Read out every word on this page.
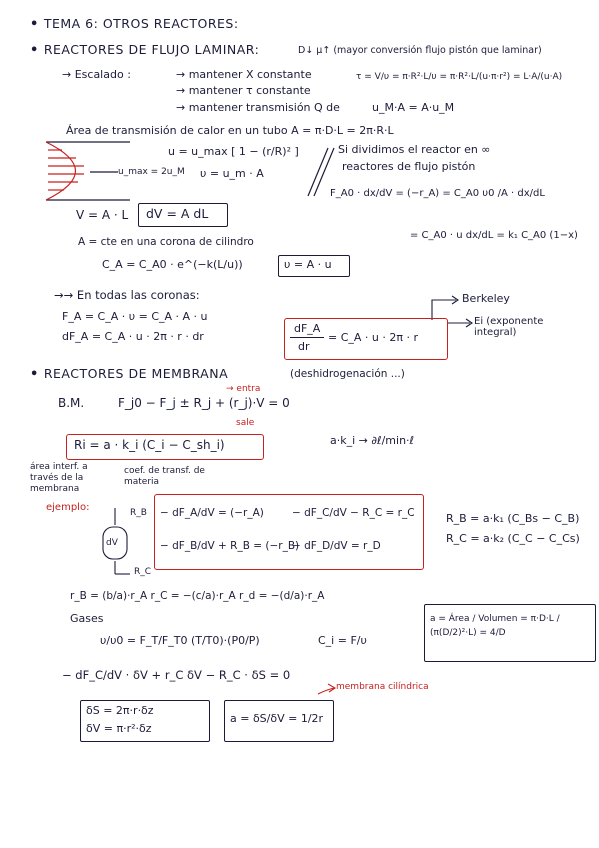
• TEMA 6: OTROS REACTORES:
• REACTORES DE FLUJO LAMINAR:	D↓ μ↑ (mayor conversión flujo pistón que laminar)
→ Escalado :	→ mantener X constante
→ mantener τ constante
→ mantener transmisión Q de
τ = V/υ = π·R²·L/υ = π·R²·L/(u·π·r²) = L·A/(u·A)
u_M·A = A·u_M
Área de transmisión de calor en un tubo A = π·D·L = 2π·R·L
u = u_max [ 1 − (r/R)² ]
u_max = 2u_M υ = u_m · A
Si dividimos el reactor en ∞
reactores de flujo pistón
F_A0 · dx/dV = (−r_A) = C_A0 υ0 /A · dx/dL
= C_A0 · u dx/dL = k₁ C_A0 (1−x)
V = A · L dV = A dL
A = cte en una corona de cilindro
C_A = C_A0 · e^(−k(L/u))	υ = A · u
→→ En todas las coronas:
F_A = C_A · υ = C_A · A · u
dF_A = C_A · u · 2π · r · dr
dF_A
dr
= C_A · u · 2π · r
Berkeley
Ei (exponente integral)
• REACTORES DE MEMBRANA	(deshidrogenación ...)
→ entra
B.M.	F_j0 − F_j ± R_j + (r_j)·V = 0
sale
Ri = a · k_i (C_i − C_sh_i)	a·k_i → ∂ℓ/min·ℓ
área interf. a través de la membrana
coef. de transf. de materia
ejemplo:	R_B
dV
R_C
− dF_A/dV = (−r_A)	− dF_C/dV − R_C = r_C
− dF_B/dV + R_B = (−r_B)
− dF_D/dV = r_D
R_B = a·k₁ (C_Bs − C_B)
R_C = a·k₂ (C_C − C_Cs)
r_B = (b/a)·r_A r_C = −(c/a)·r_A r_d = −(d/a)·r_A
Gases
υ/υ0 = F_T/F_T0 (T/T0)·(P0/P)	C_i = F/υ
a = Área / Volumen = π·D·L / (π(D/2)²·L) = 4/D
− dF_C/dV · δV + r_C δV − R_C · δS = 0
membrana cilíndrica
δS = 2π·r·δz
δV = π·r²·δz
a = δS/δV = 1/2r
